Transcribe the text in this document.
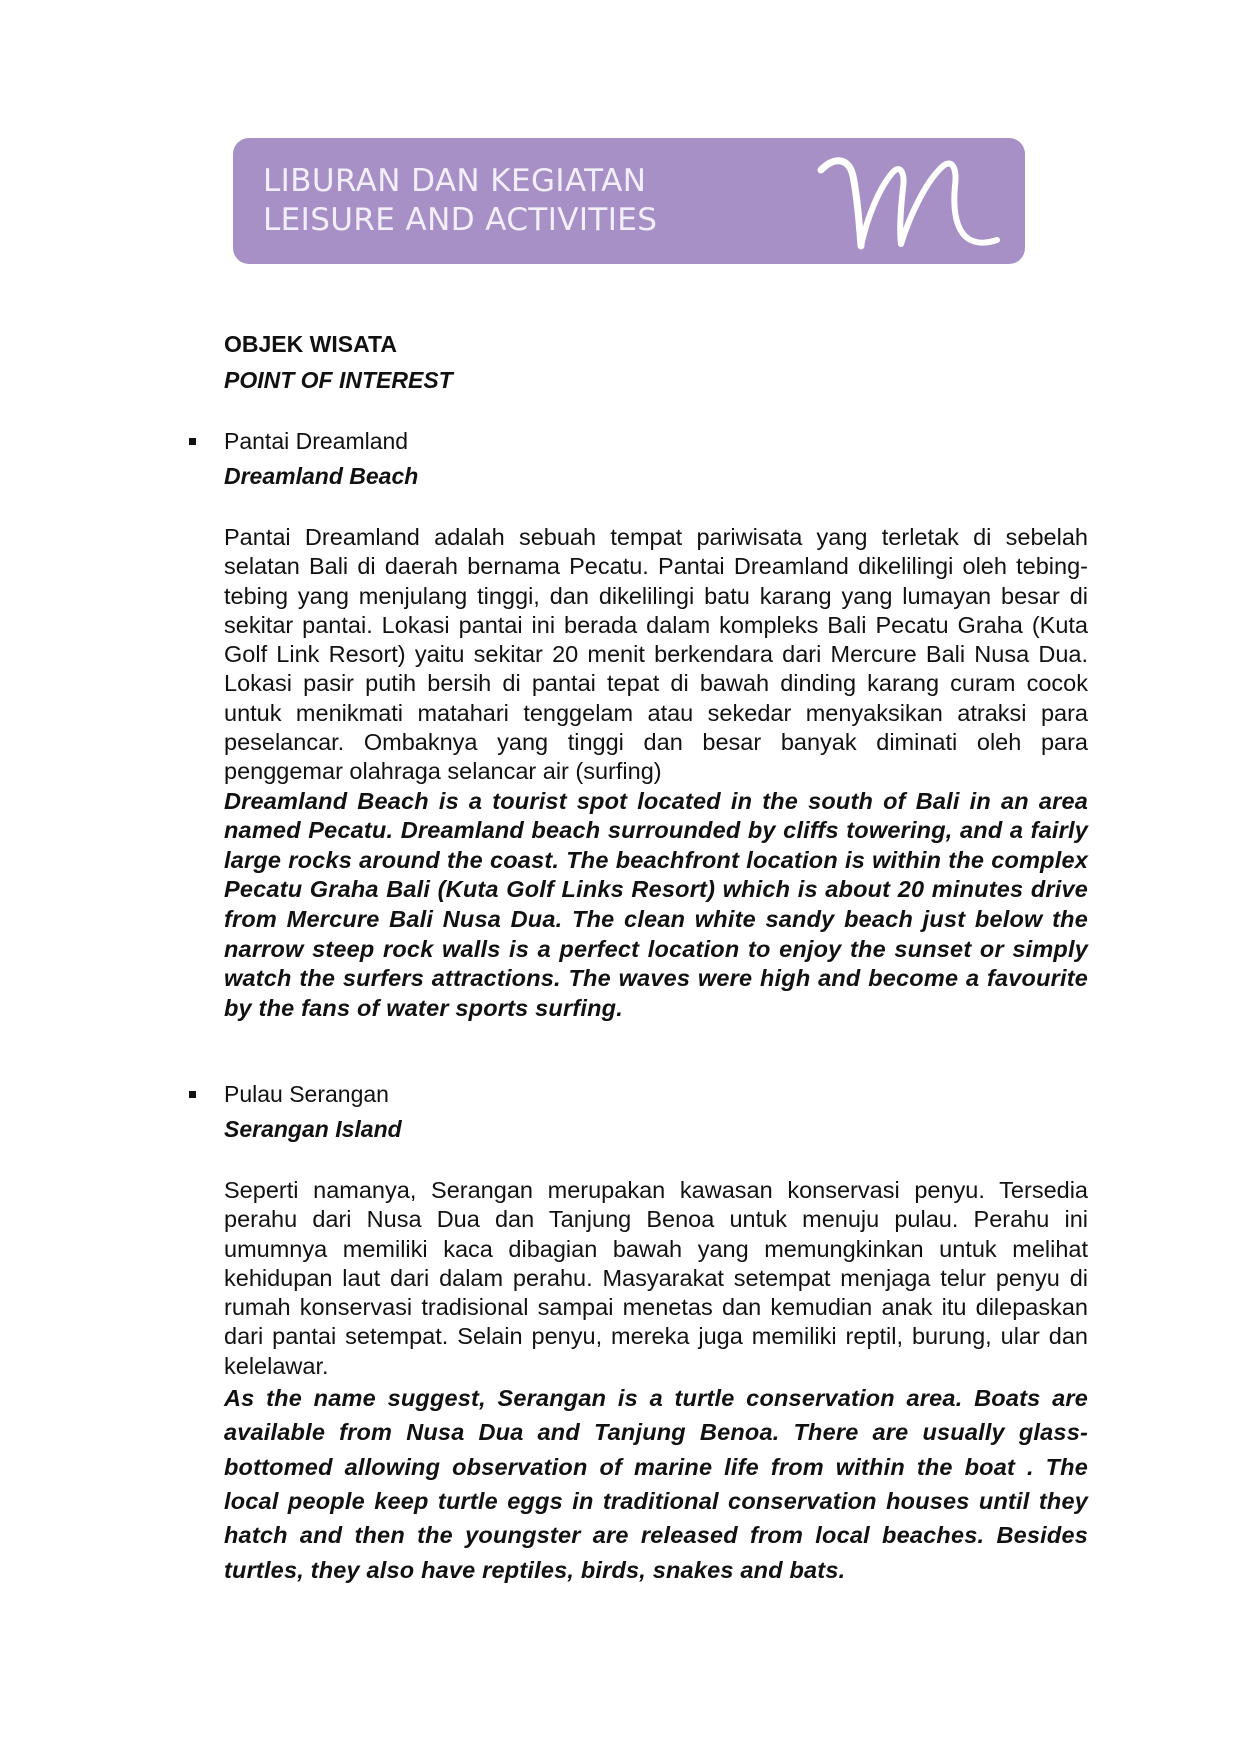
LIBURAN DAN KEGIATAN
LEISURE AND ACTIVITIES
OBJEK WISATA
POINT OF INTEREST
Pantai Dreamland
Dreamland Beach
Pantai Dreamland adalah sebuah tempat pariwisata yang terletak di sebelah selatan Bali di daerah bernama Pecatu. Pantai Dreamland dikelilingi oleh tebing-tebing yang menjulang tinggi, dan dikelilingi batu karang yang lumayan besar di sekitar pantai. Lokasi pantai ini berada dalam kompleks Bali Pecatu Graha (Kuta Golf Link Resort) yaitu sekitar 20 menit berkendara dari Mercure Bali Nusa Dua. Lokasi pasir putih bersih di pantai tepat di bawah dinding karang curam cocok untuk menikmati matahari tenggelam atau sekedar menyaksikan atraksi para peselancar. Ombaknya yang tinggi dan besar banyak diminati oleh para penggemar olahraga selancar air (surfing)
Dreamland Beach is a tourist spot located in the south of Bali in an area named Pecatu. Dreamland beach surrounded by cliffs towering, and a fairly large rocks around the coast. The beachfront location is within the complex Pecatu Graha Bali (Kuta Golf Links Resort) which is about 20 minutes drive from Mercure Bali Nusa Dua. The clean white sandy beach just below the narrow steep rock walls is a perfect location to enjoy the sunset or simply watch the surfers attractions. The waves were high and become a favourite by the fans of water sports surfing.
Pulau Serangan
Serangan Island
Seperti namanya, Serangan merupakan kawasan konservasi penyu. Tersedia perahu dari Nusa Dua dan Tanjung Benoa untuk menuju pulau. Perahu ini umumnya memiliki kaca dibagian bawah yang memungkinkan untuk melihat kehidupan laut dari dalam perahu. Masyarakat setempat menjaga telur penyu di rumah konservasi tradisional sampai menetas dan kemudian anak itu dilepaskan dari pantai setempat. Selain penyu, mereka juga memiliki reptil, burung, ular dan kelelawar.
As the name suggest, Serangan is a turtle conservation area. Boats are available from Nusa Dua and Tanjung Benoa. There are usually glass-bottomed allowing observation of marine life from within the boat . The local people keep turtle eggs in traditional conservation houses until they hatch and then the youngster are released from local beaches. Besides turtles, they also have reptiles, birds, snakes and bats.
